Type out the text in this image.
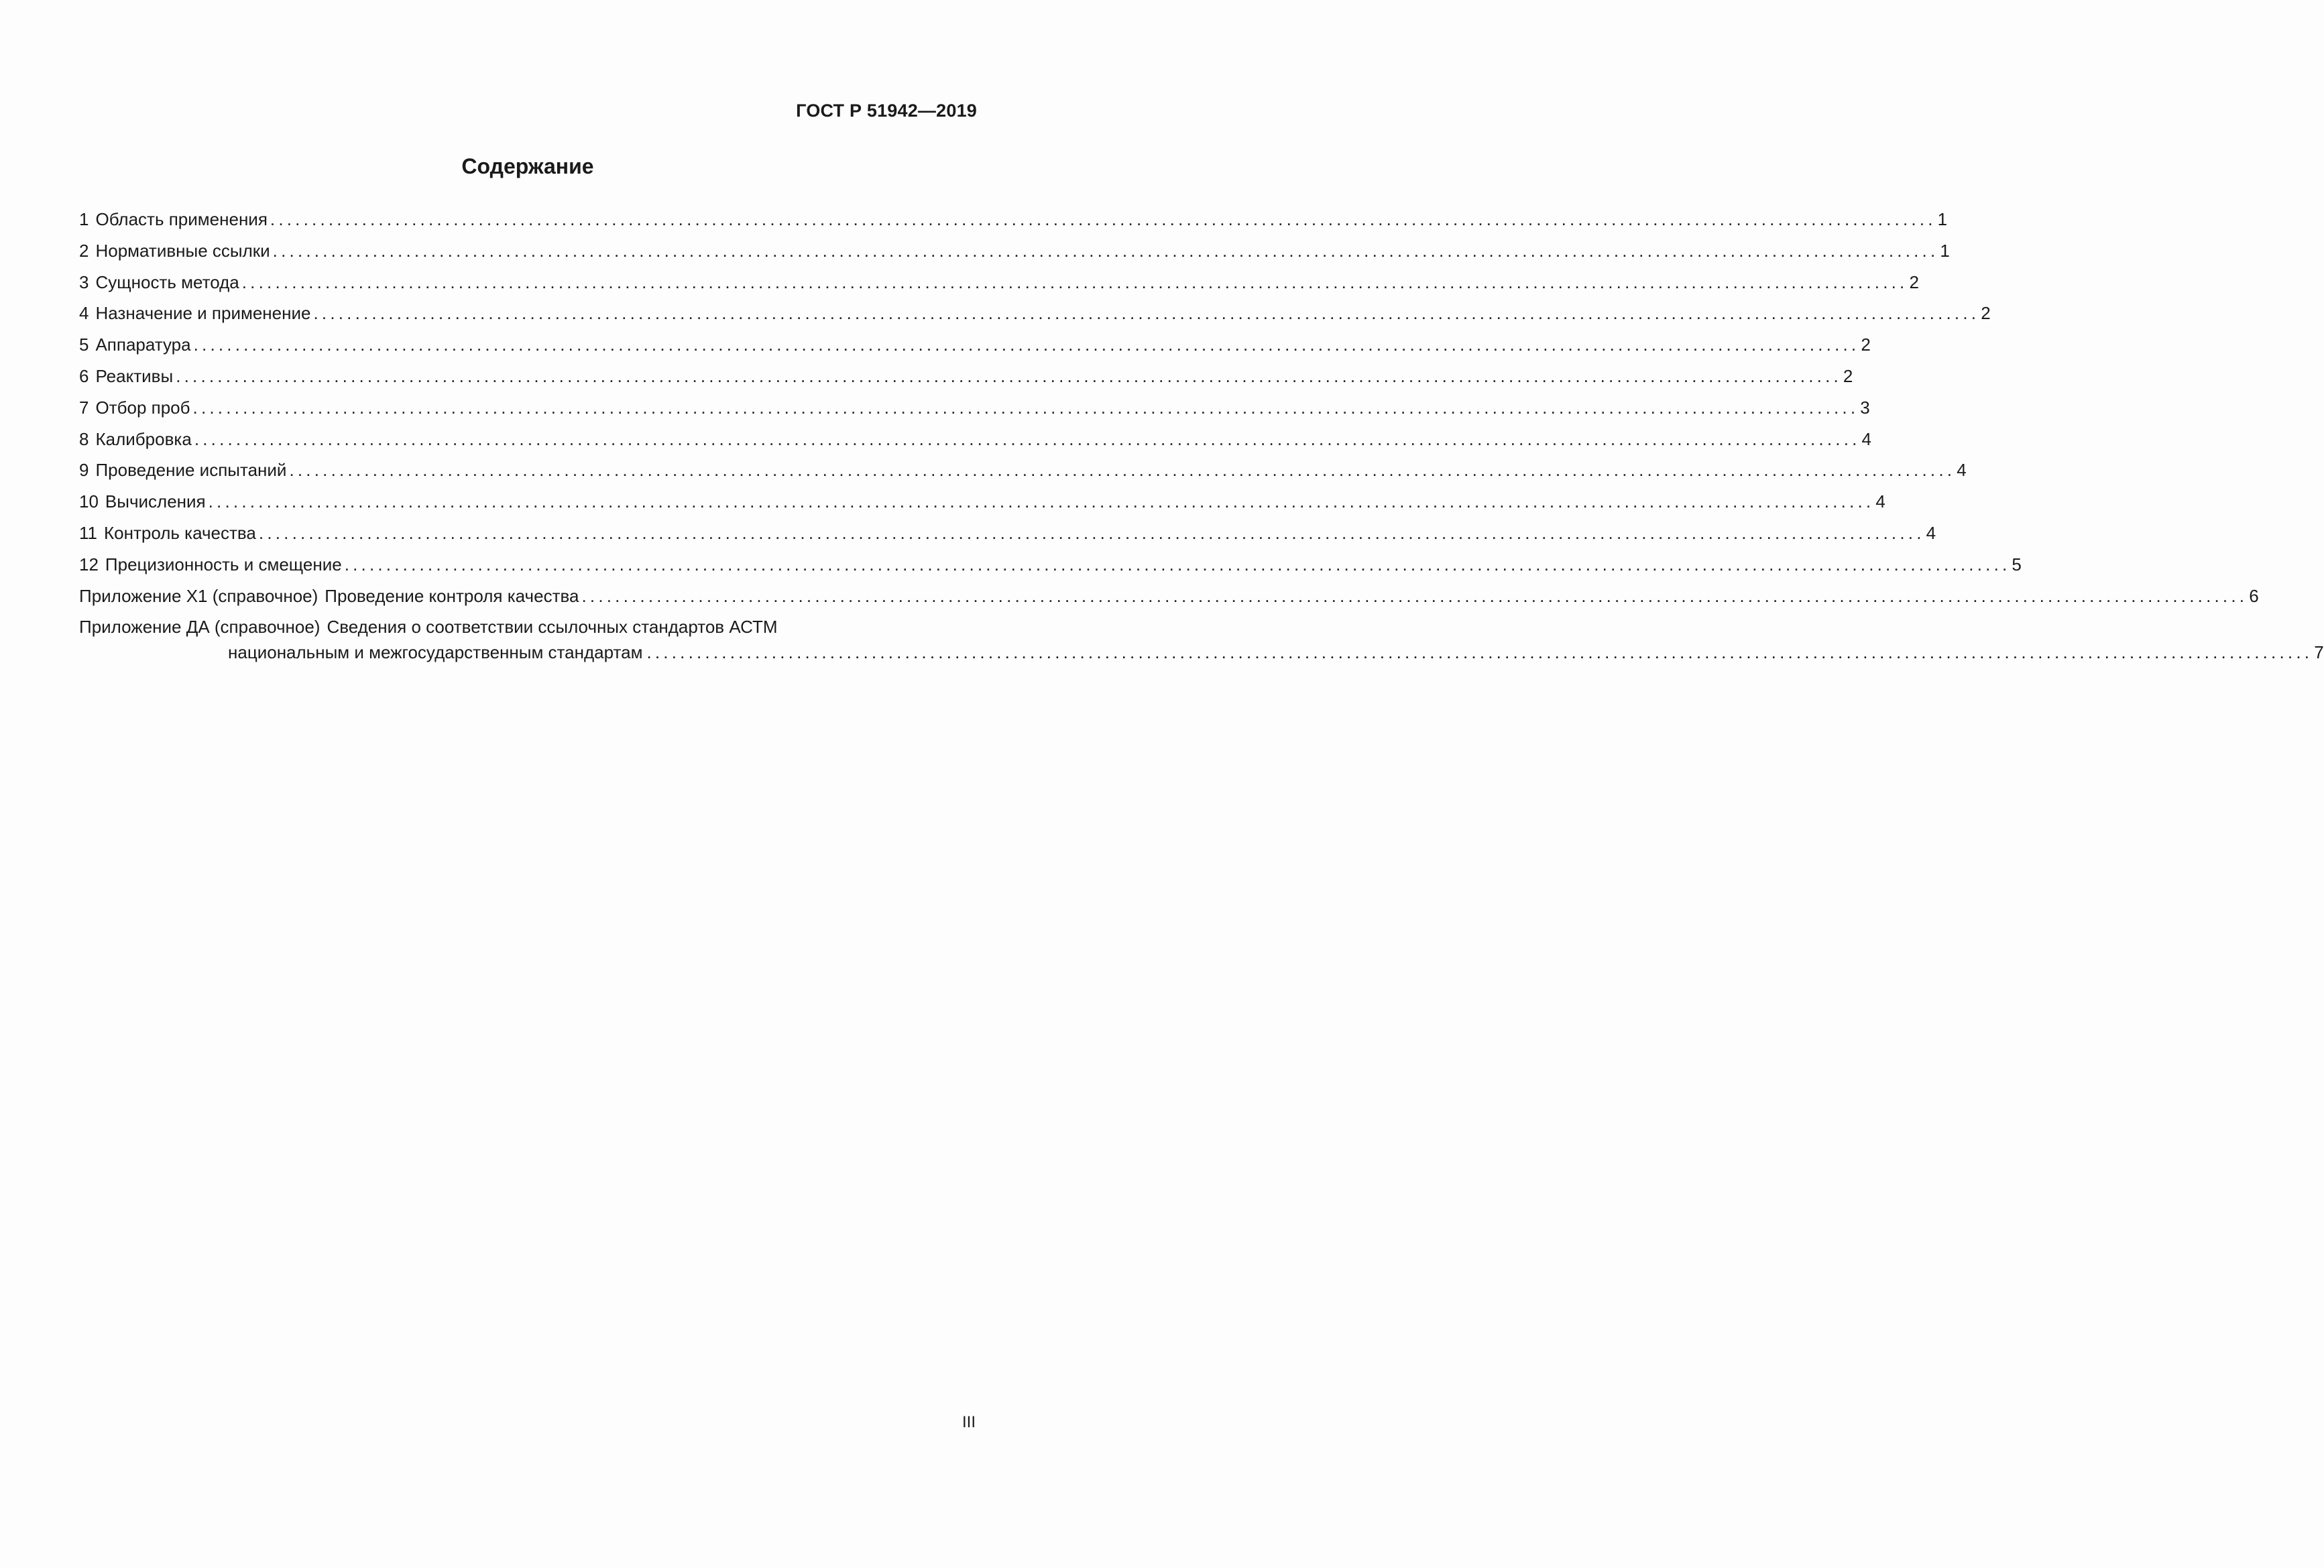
ГОСТ Р 51942—2019
Содержание
1 Область применения ........................................................................................................................................................................................................ 1
2 Нормативные ссылки ........................................................................................................................................................................................................ 1
3 Сущность метода ........................................................................................................................................................................................................ 2
4 Назначение и применение ........................................................................................................................................................................................................ 2
5 Аппаратура ........................................................................................................................................................................................................ 2
6 Реактивы ........................................................................................................................................................................................................ 2
7 Отбор проб ........................................................................................................................................................................................................ 3
8 Калибровка ........................................................................................................................................................................................................ 4
9 Проведение испытаний ........................................................................................................................................................................................................ 4
10 Вычисления ........................................................................................................................................................................................................ 4
11 Контроль качества ........................................................................................................................................................................................................ 4
12 Прецизионность и смещение ........................................................................................................................................................................................................ 5
Приложение Х1 (справочное) Проведение контроля качества ........................................................................................................................................................................................................ 6
Приложение ДА (справочное) Сведения о соответствии ссылочных стандартов АСТМ
национальным и межгосударственным стандартам ........................................................................................................................................................................................................ 7
III
